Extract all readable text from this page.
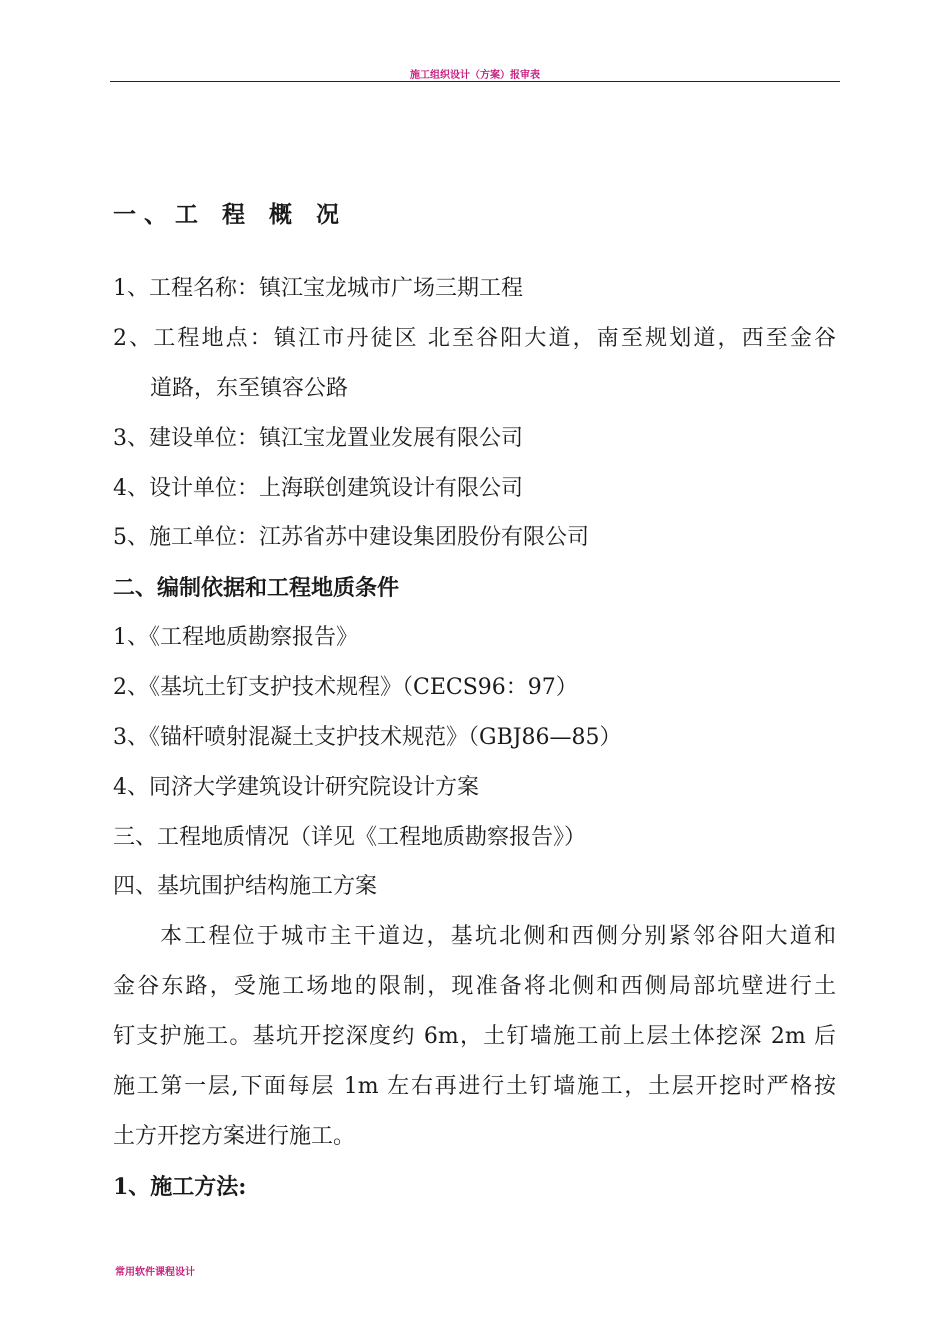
施工组织设计（方案）报审表
一、工 程 概 况
1、工程名称：镇江宝龙城市广场三期工程
2、工程地点：镇江市丹徒区 北至谷阳大道，南至规划道，西至金谷
道路，东至镇容公路
3、建设单位：镇江宝龙置业发展有限公司
4、设计单位：上海联创建筑设计有限公司
5、施工单位：江苏省苏中建设集团股份有限公司
二、编制依据和工程地质条件
1、《工程地质勘察报告》
2、《基坑土钉支护技术规程》（CECS96：97）
3、《锚杆喷射混凝土支护技术规范》（GBJ86—85）
4、同济大学建筑设计研究院设计方案
三、工程地质情况（详见《工程地质勘察报告》）
四、基坑围护结构施工方案
本工程位于城市主干道边，基坑北侧和西侧分别紧邻谷阳大道和
金谷东路，受施工场地的限制，现准备将北侧和西侧局部坑壁进行土
钉支护施工。基坑开挖深度约 6m，土钉墙施工前上层土体挖深 2m 后
施工第一层,下面每层 1m 左右再进行土钉墙施工，土层开挖时严格按
土方开挖方案进行施工。
1、施工方法:
常用软件课程设计
